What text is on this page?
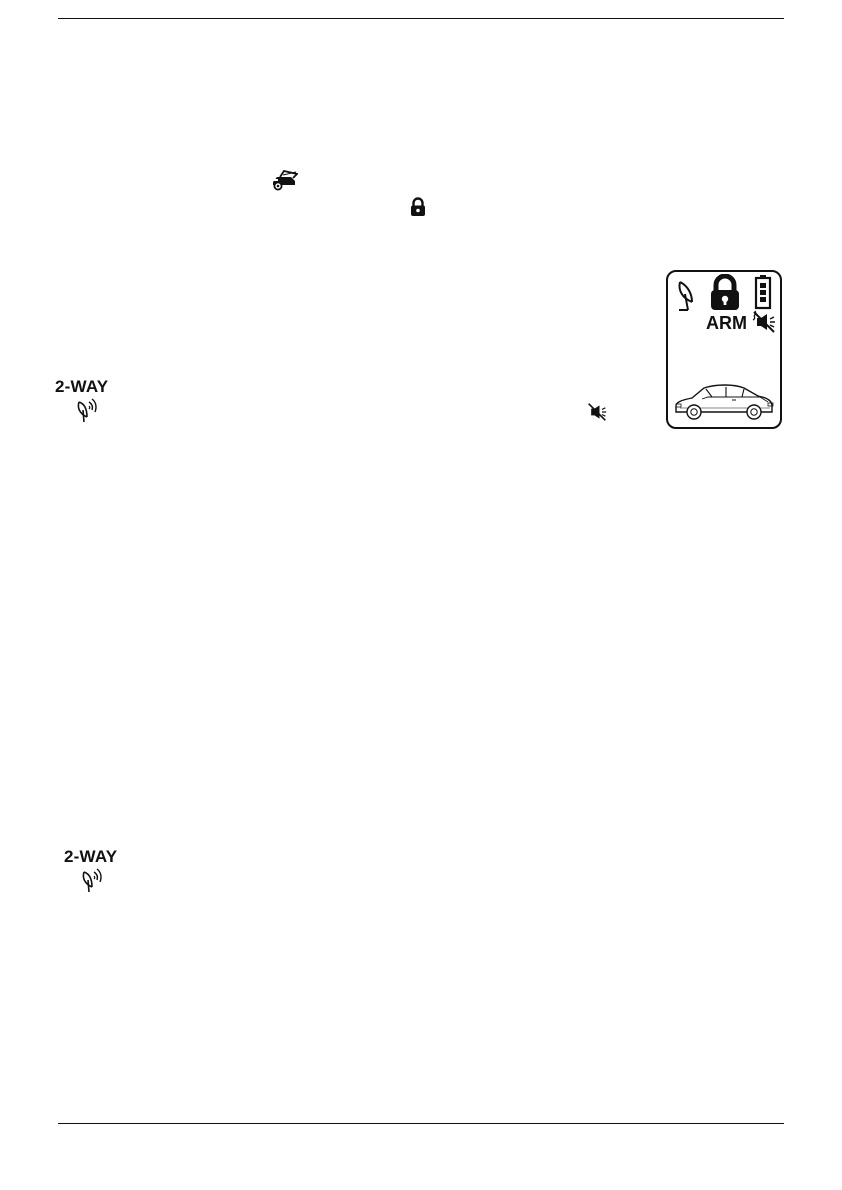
ARM
2-WAY
2-WAY
